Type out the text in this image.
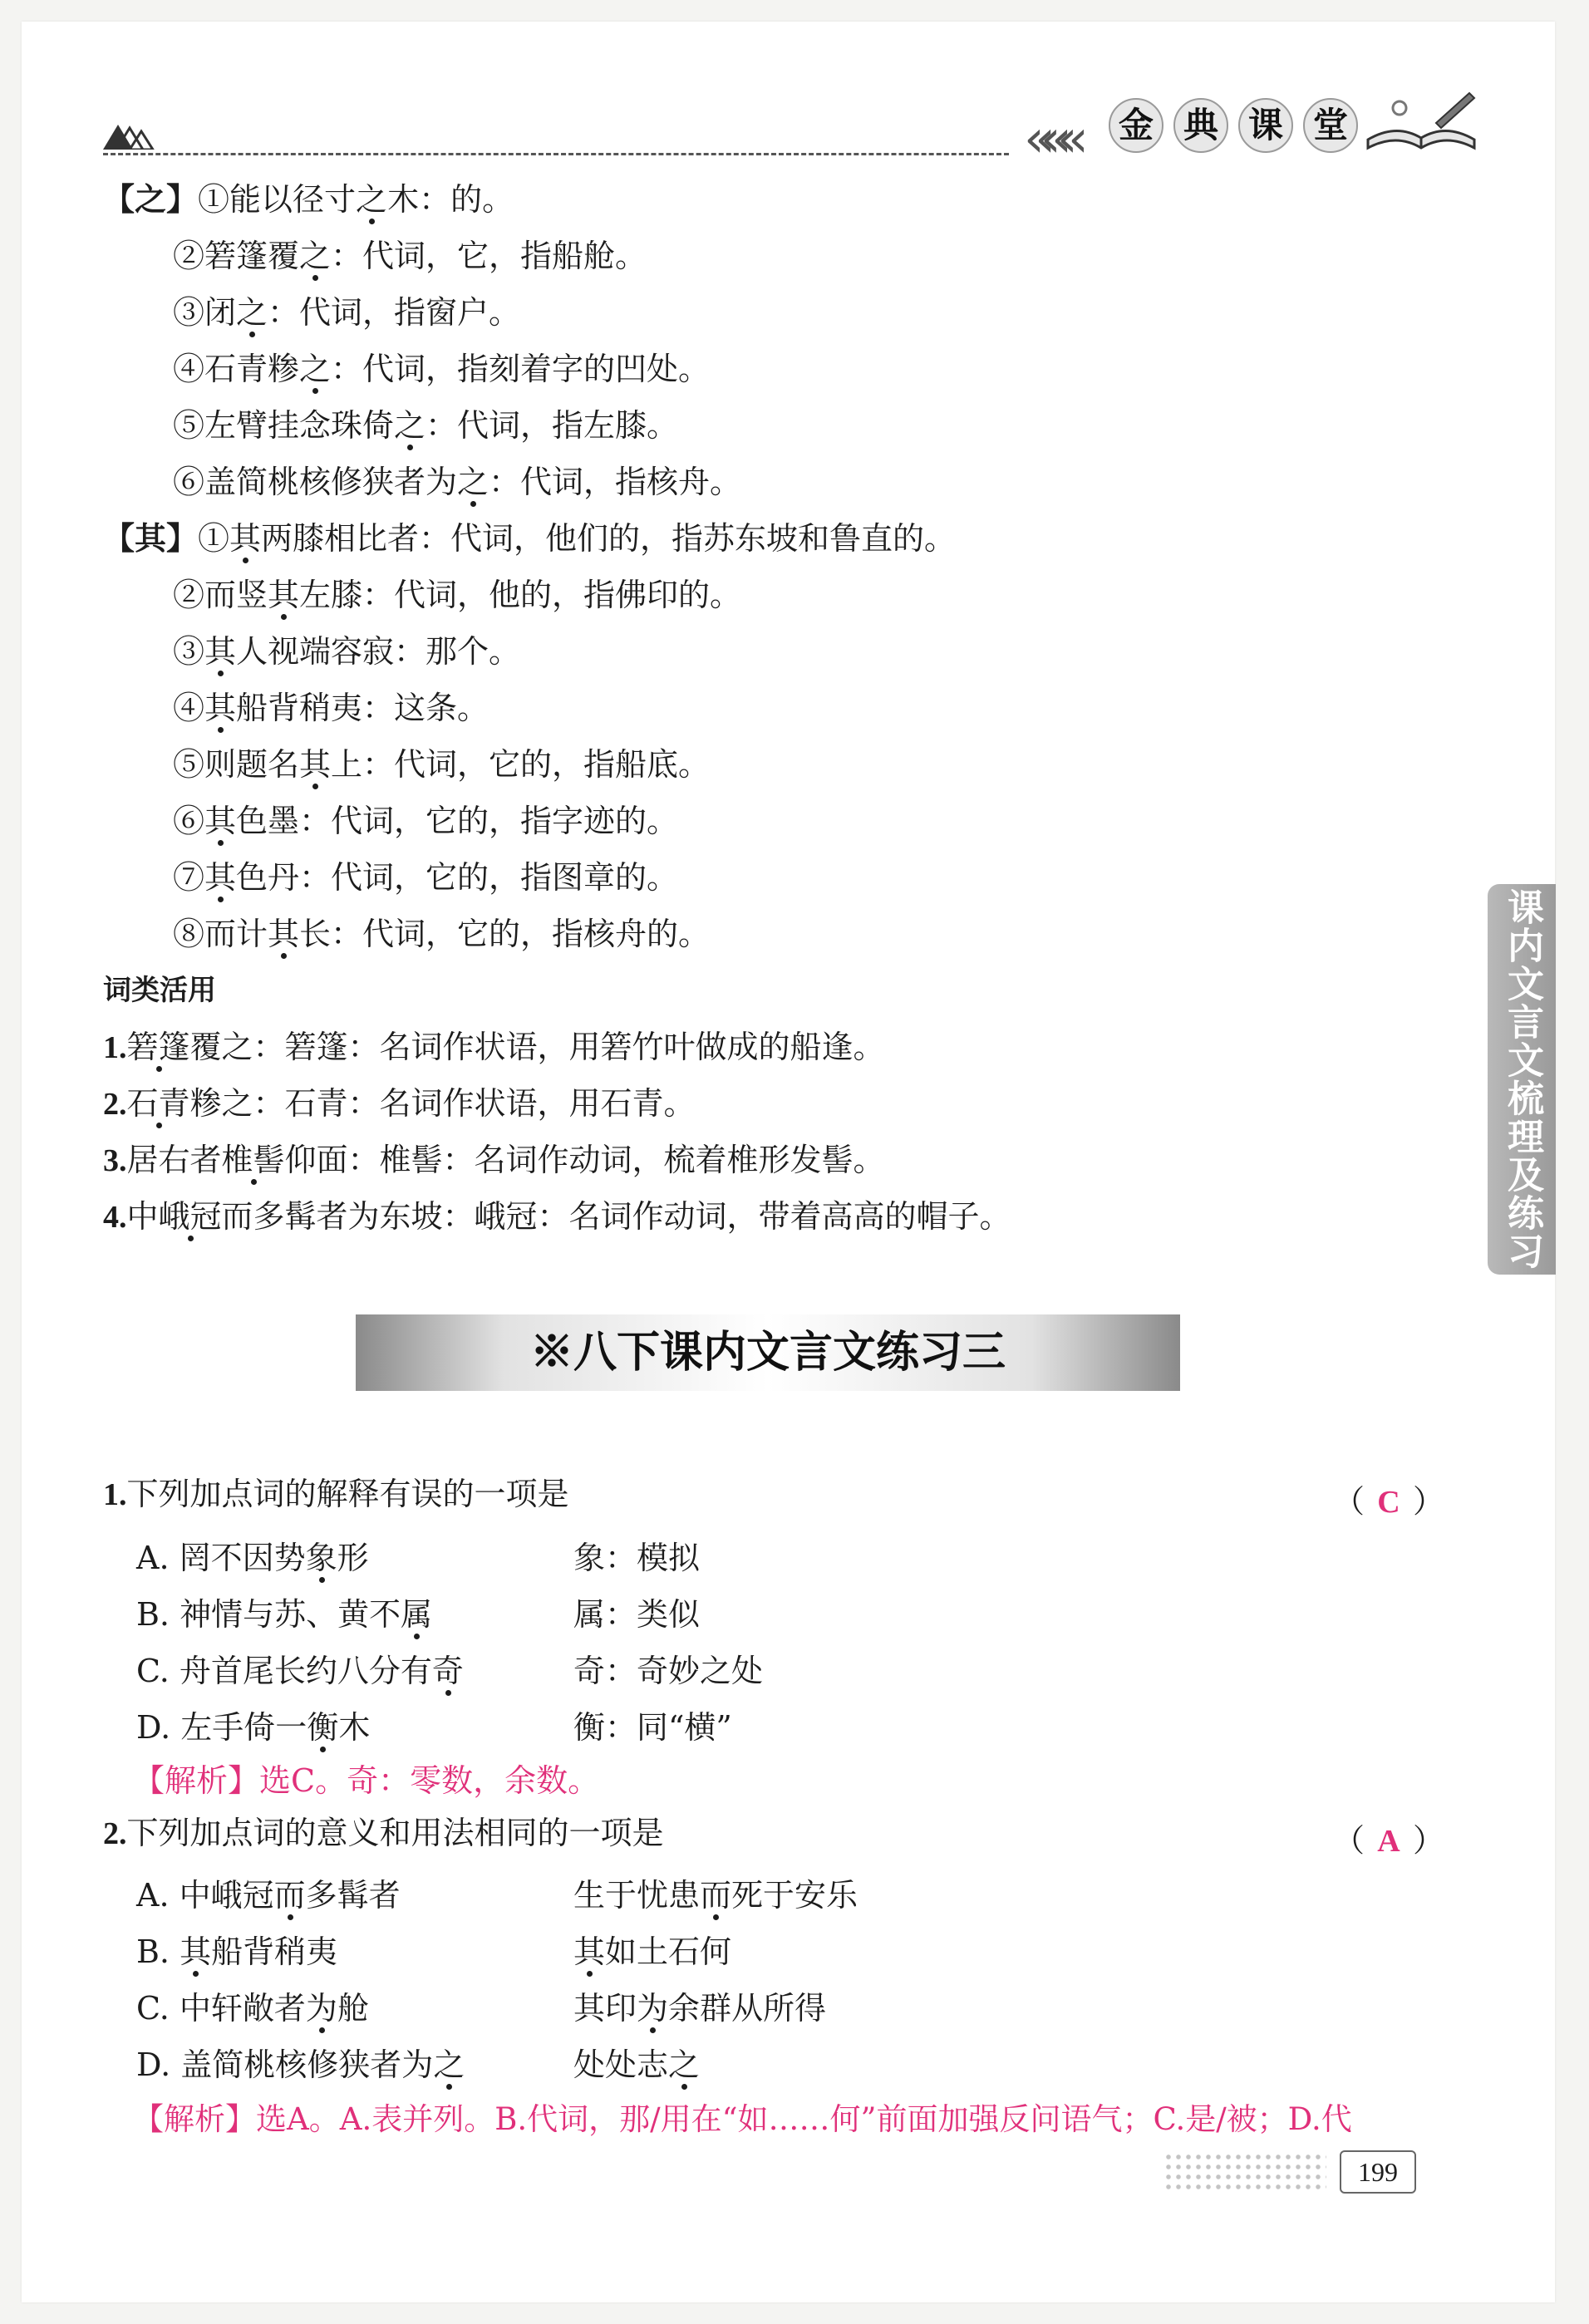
««« 金 典 课 堂
【之】①能以径寸之木：的。
②箬篷覆之：代词，它，指船舱。
③闭之：代词，指窗户。
④石青糁之：代词，指刻着字的凹处。
⑤左臂挂念珠倚之：代词，指左膝。
⑥盖简桃核修狭者为之：代词，指核舟。
【其】①其两膝相比者：代词，他们的，指苏东坡和鲁直的。
②而竖其左膝：代词，他的，指佛印的。
③其人视端容寂：那个。
④其船背稍夷：这条。
⑤则题名其上：代词，它的，指船底。
⑥其色墨：代词，它的，指字迹的。
⑦其色丹：代词，它的，指图章的。
⑧而计其长：代词，它的，指核舟的。
词类活用
1.箬篷覆之：箬篷：名词作状语，用箬竹叶做成的船逢。
2.石青糁之：石青：名词作状语，用石青。
3.居右者椎髻仰面：椎髻：名词作动词，梳着椎形发髻。
4.中峨冠而多髯者为东坡：峨冠：名词作动词，带着高高的帽子。	课内文言文梳理及练习
※八下课内文言文练习三
1.下列加点词的解释有误的一项是	（ C ）
A. 罔不因势象形	象：模拟
B. 神情与苏、黄不属	属：类似
C. 舟首尾长约八分有奇	奇：奇妙之处
D. 左手倚一衡木	衡：同“横”
【解析】选C。奇：零数，余数。
2.下列加点词的意义和用法相同的一项是	（ A ）
A. 中峨冠而多髯者	生于忧患而死于安乐
B. 其船背稍夷	其如土石何
C. 中轩敞者为舱	其印为余群从所得
D. 盖简桃核修狭者为之	处处志之
【解析】选A。A.表并列。B.代词，那/用在“如……何”前面加强反问语气；C.是/被；D.代
199
